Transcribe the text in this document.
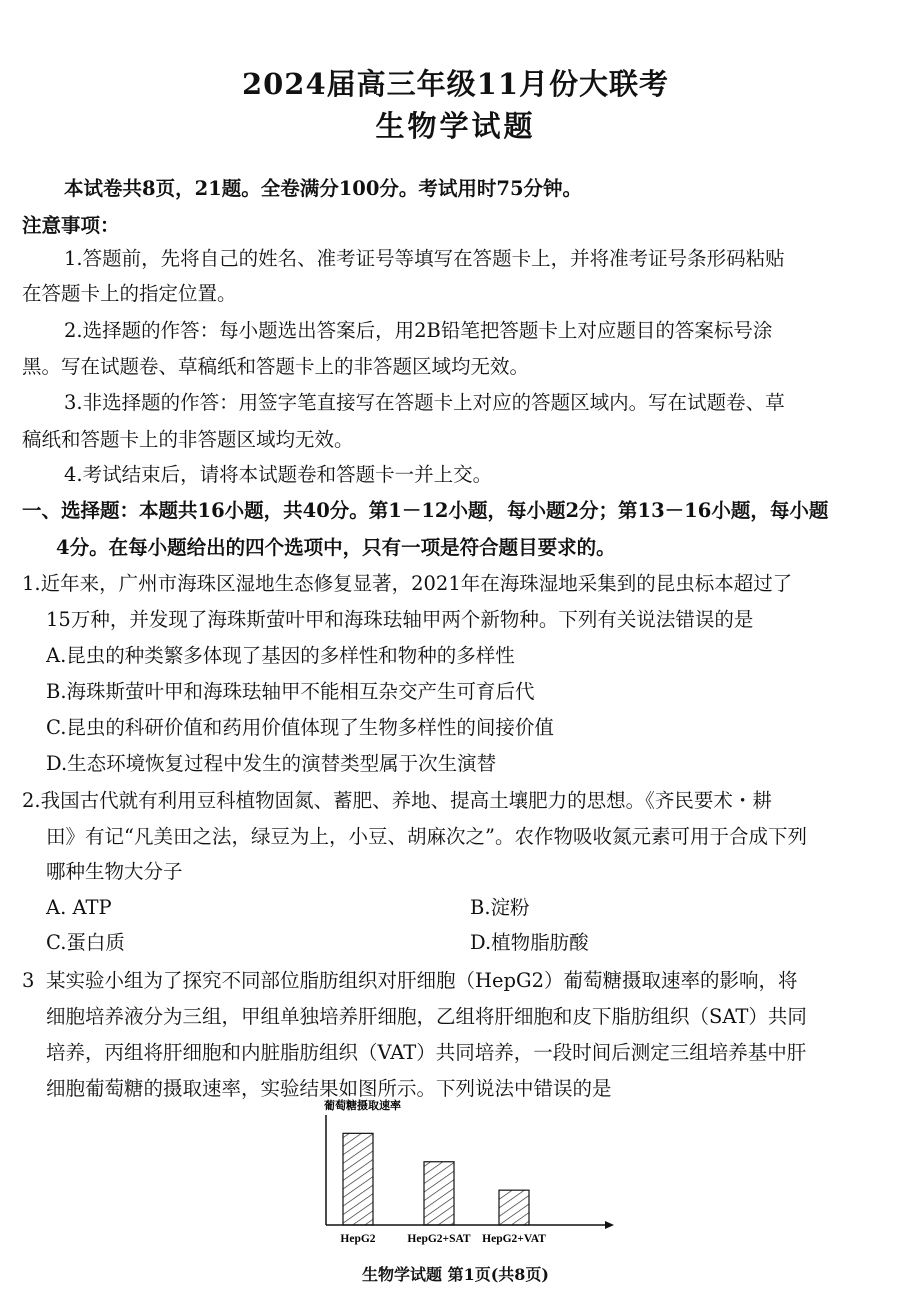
2024届高三年级11月份大联考
生物学试题
本试卷共8页，21题。全卷满分100分。考试用时75分钟。
注意事项：
1.答题前，先将自己的姓名、准考证号等填写在答题卡上，并将准考证号条形码粘贴
在答题卡上的指定位置。
2.选择题的作答：每小题选出答案后，用2B铅笔把答题卡上对应题目的答案标号涂
黑。写在试题卷、草稿纸和答题卡上的非答题区域均无效。
3.非选择题的作答：用签字笔直接写在答题卡上对应的答题区域内。写在试题卷、草
稿纸和答题卡上的非答题区域均无效。
4.考试结束后，请将本试题卷和答题卡一并上交。
一、选择题：本题共16小题，共40分。第1－12小题，每小题2分；第13－16小题，每小题
4分。在每小题给出的四个选项中，只有一项是符合题目要求的。
1.近年来，广州市海珠区湿地生态修复显著，2021年在海珠湿地采集到的昆虫标本超过了
15万种，并发现了海珠斯萤叶甲和海珠珐轴甲两个新物种。下列有关说法错误的是
A.昆虫的种类繁多体现了基因的多样性和物种的多样性
B.海珠斯萤叶甲和海珠珐轴甲不能相互杂交产生可育后代
C.昆虫的科研价值和药用价值体现了生物多样性的间接价值
D.生态环境恢复过程中发生的演替类型属于次生演替
2.我国古代就有利用豆科植物固氮、蓄肥、养地、提高土壤肥力的思想。《齐民要术・耕
田》有记“凡美田之法，绿豆为上，小豆、胡麻次之”。农作物吸收氮元素可用于合成下列
哪种生物大分子
A. ATP	B.淀粉
C.蛋白质	D.植物脂肪酸
3 某实验小组为了探究不同部位脂肪组织对肝细胞（HepG2）葡萄糖摄取速率的影响，将
细胞培养液分为三组，甲组单独培养肝细胞，乙组将肝细胞和皮下脂肪组织（SAT）共同
培养，丙组将肝细胞和内脏脂肪组织（VAT）共同培养，一段时间后测定三组培养基中肝
细胞葡萄糖的摄取速率，实验结果如图所示。下列说法中错误的是
葡萄糖摄取速率
HepG2	HepG2+SAT HepG2+VAT
生物学试题 第1页(共8页)
